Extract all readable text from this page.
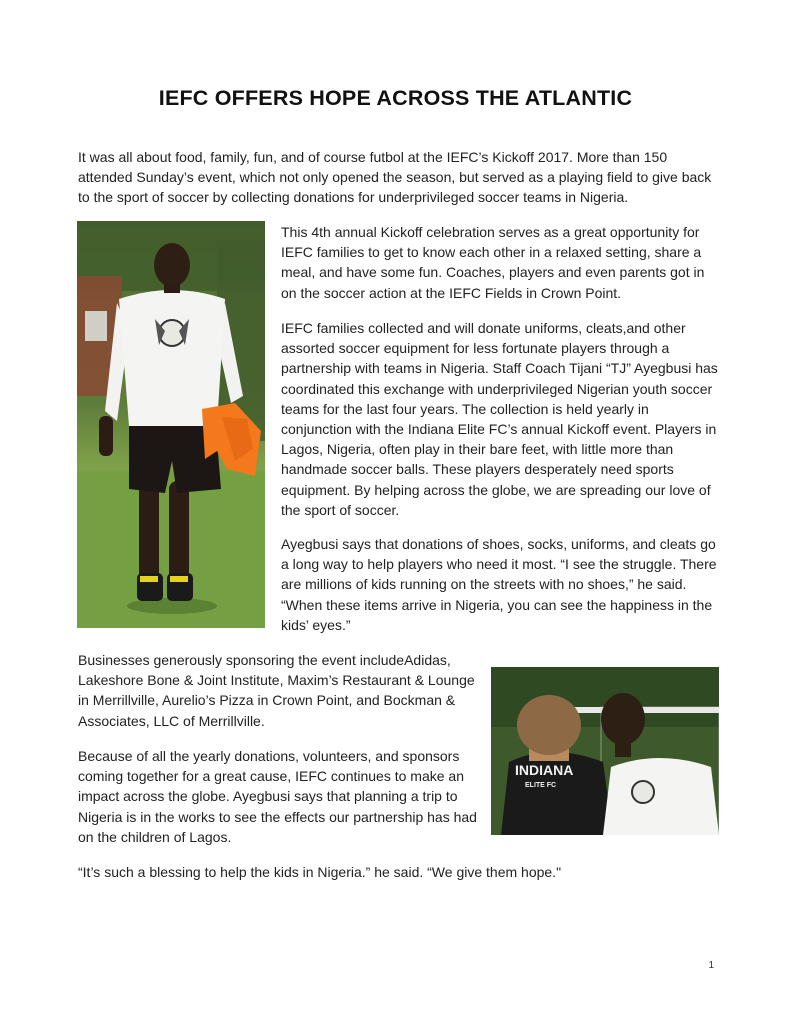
IEFC OFFERS HOPE ACROSS THE ATLANTIC

It was all about food, family, fun, and of course futbol at the IEFC’s Kickoff 2017. More than 150 attended Sunday’s event, which not only opened the season, but served as a playing field to give back to the sport of soccer by collecting donations for underprivileged soccer teams in Nigeria.

This 4th annual Kickoff celebration serves as a great opportunity for IEFC families to get to know each other in a relaxed setting, share a meal, and have some fun. Coaches, players and even parents got in on the soccer action at the IEFC Fields in Crown Point.

IEFC families collected and will donate uniforms, cleats,and other assorted soccer equipment for less fortunate players through a partnership with teams in Nigeria. Staff Coach Tijani “TJ” Ayegbusi has coordinated this exchange with underprivileged Nigerian youth soccer teams for the last four years. The collection is held yearly in conjunction with the Indiana Elite FC’s annual Kickoff event. Players in Lagos, Nigeria, often play in their bare feet, with little more than handmade soccer balls. These players desperately need sports equipment. By helping across the globe, we are spreading our love of the sport of soccer.

Ayegbusi says that donations of shoes, socks, uniforms, and cleats go a long way to help players who need it most. “I see the struggle. There are millions of kids running on the streets with no shoes,” he said. “When these items arrive in Nigeria, you can see the happiness in the kids’ eyes.”

Businesses generously sponsoring the event includeAdidas, Lakeshore Bone & Joint Institute, Maxim’s Restaurant & Lounge in Merrillville, Aurelio’s Pizza in Crown Point, and Bockman & Associates, LLC of Merrillville.

INDIANA
ELITE FC

Because of all the yearly donations, volunteers, and sponsors coming together for a great cause, IEFC continues to make an impact across the globe. Ayegbusi says that planning a trip to Nigeria is in the works to see the effects our partnership has had on the children of Lagos.

“It’s such a blessing to help the kids in Nigeria.” he said. “We give them hope."

1
